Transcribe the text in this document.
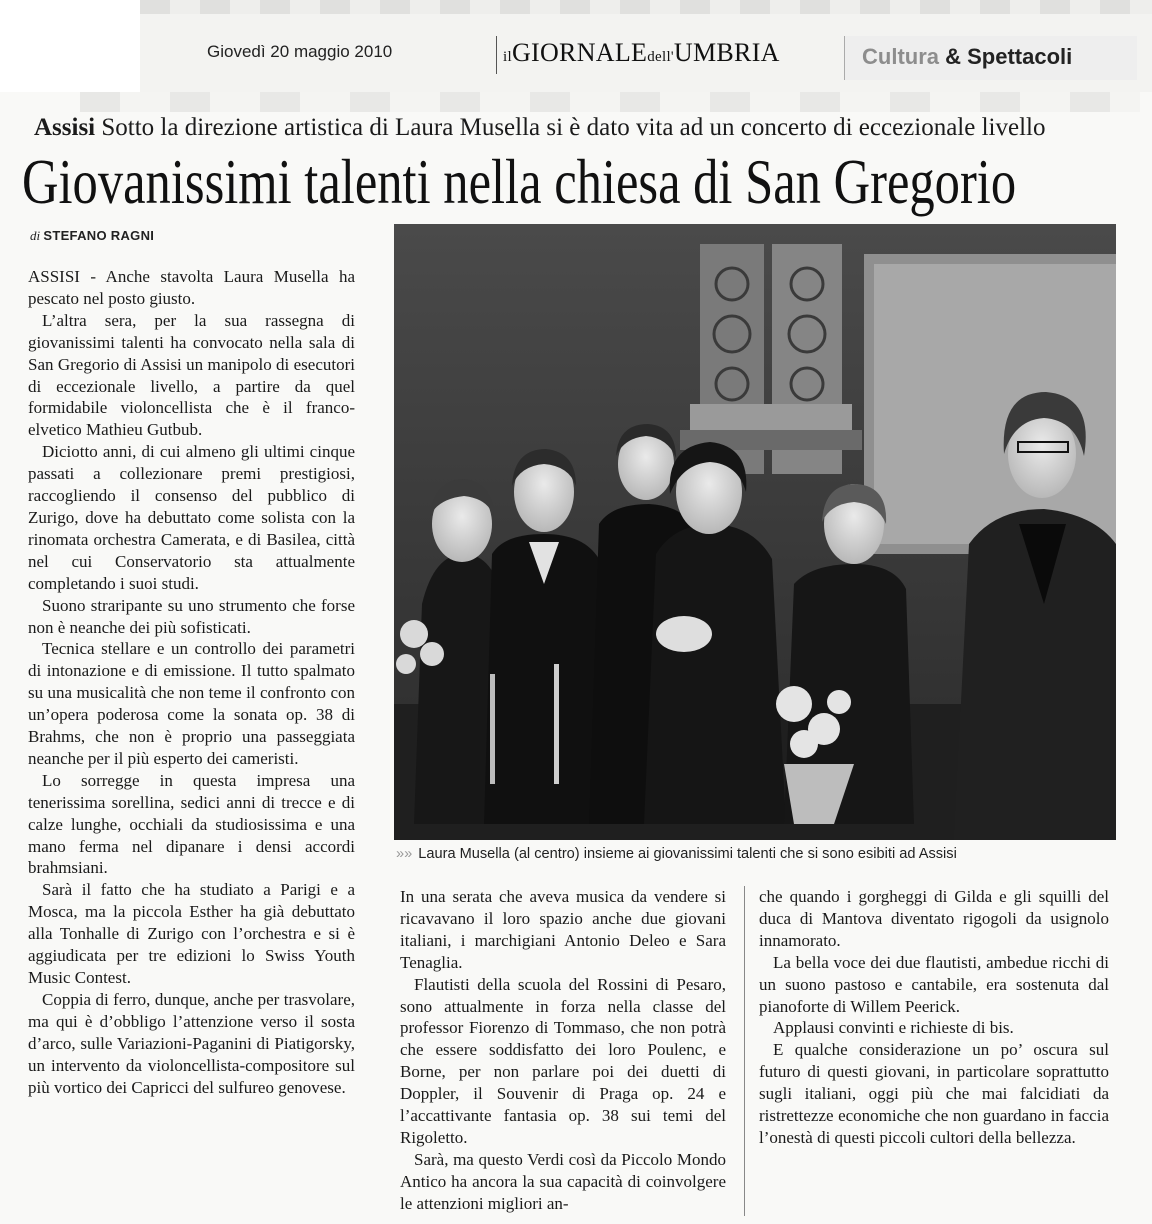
Giovedì 20 maggio 2010	ilGIORNALEdell'UMBRIA	Cultura & Spettacoli
Assisi Sotto la direzione artistica di Laura Musella si è dato vita ad un concerto di eccezionale livello
Giovanissimi talenti nella chiesa di San Gregorio
di STEFANO RAGNI

ASSISI - Anche stavolta Laura Musella ha pescato nel posto giusto.

L’altra sera, per la sua rassegna di giovanissimi talenti ha convocato nella sala di San Gregorio di Assisi un manipolo di esecutori di eccezionale livello, a partire da quel formidabile violoncellista che è il franco-elvetico Mathieu Gutbub.

Diciotto anni, di cui almeno gli ultimi cinque passati a collezionare premi prestigiosi, raccogliendo il consenso del pubblico di Zurigo, dove ha debuttato come solista con la rinomata orchestra Camerata, e di Basilea, città nel cui Conservatorio sta attualmente completando i suoi studi.

Suono straripante su uno strumento che forse non è neanche dei più sofisticati.

Tecnica stellare e un controllo dei parametri di intonazione e di emissione. Il tutto spalmato su una musicalità che non teme il confronto con un’opera poderosa come la sonata op. 38 di Brahms, che non è proprio una passeggiata neanche per il più esperto dei cameristi.

Lo sorregge in questa impresa una tenerissima sorellina, sedici anni di trecce e di calze lunghe, occhiali da studiosissima e una mano ferma nel dipanare i densi accordi brahmsiani.

Sarà il fatto che ha studiato a Parigi e a Mosca, ma la piccola Esther ha già debuttato alla Tonhalle di Zurigo con l’orchestra e si è aggiudicata per tre edizioni lo Swiss Youth Music Contest.

Coppia di ferro, dunque, anche per trasvolare, ma qui è d’obbligo l’attenzione verso il sosta d’arco, sulle Variazioni-Paganini di Piatigorsky, un intervento da violoncellista-compositore sul più vortico dei Capricci del sulfureo genovese.

»» Laura Musella (al centro) insieme ai giovanissimi talenti che si sono esibiti ad Assisi

In una serata che aveva musica da vendere si ricavavano il loro spazio anche due giovani italiani, i marchigiani Antonio Deleo e Sara Tenaglia.

Flautisti della scuola del Rossini di Pesaro, sono attualmente in forza nella classe del professor Fiorenzo di Tommaso, che non potrà che essere soddisfatto dei loro Poulenc, e Borne, per non parlare poi dei duetti di Doppler, il Souvenir di Praga op. 24 e l’accattivante fantasia op. 38 sui temi del Rigoletto.

Sarà, ma questo Verdi così da Piccolo Mondo Antico ha ancora la sua capacità di coinvolgere le attenzioni migliori an-

che quando i gorgheggi di Gilda e gli squilli del duca di Mantova diventato rigogoli da usignolo innamorato.

La bella voce dei due flautisti, ambedue ricchi di un suono pastoso e cantabile, era sostenuta dal pianoforte di Willem Peerick.

Applausi convinti e richieste di bis.

E qualche considerazione un po’ oscura sul futuro di questi giovani, in particolare soprattutto sugli italiani, oggi più che mai falcidiati da ristrettezze economiche che non guardano in faccia l’onestà di questi piccoli cultori della bellezza.
